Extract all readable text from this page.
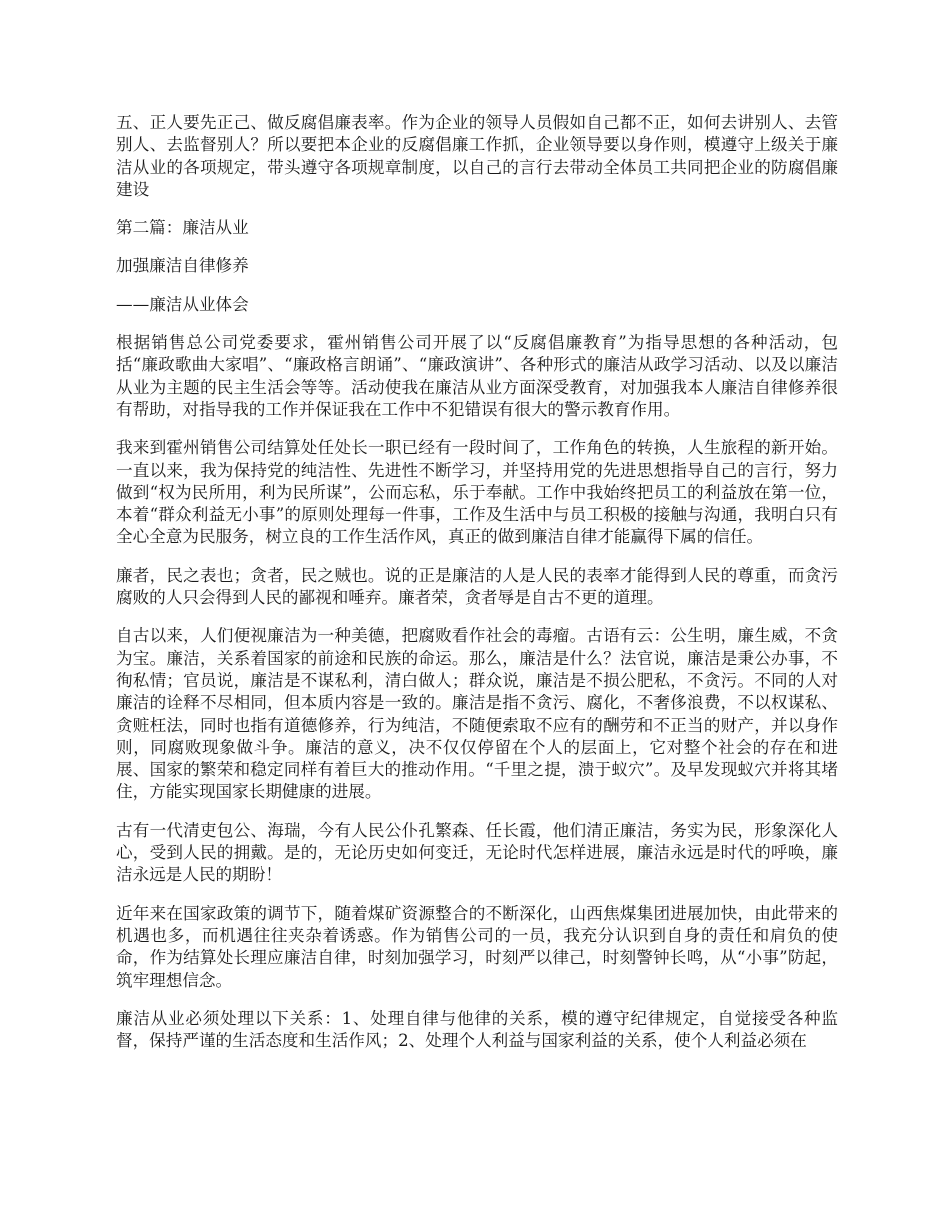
五、正人要先正己、做反腐倡廉表率。作为企业的领导人员假如自己都不正，如何去讲别人、去管别人、去监督别人？所以要把本企业的反腐倡廉工作抓，企业领导要以身作则，模遵守上级关于廉洁从业的各项规定，带头遵守各项规章制度，以自己的言行去带动全体员工共同把企业的防腐倡廉建设

第二篇：廉洁从业

加强廉洁自律修养

——廉洁从业体会

根据销售总公司党委要求，霍州销售公司开展了以“反腐倡廉教育”为指导思想的各种活动，包括“廉政歌曲大家唱”、“廉政格言朗诵”、“廉政演讲”、各种形式的廉洁从政学习活动、以及以廉洁从业为主题的民主生活会等等。活动使我在廉洁从业方面深受教育，对加强我本人廉洁自律修养很有帮助，对指导我的工作并保证我在工作中不犯错误有很大的警示教育作用。

我来到霍州销售公司结算处任处长一职已经有一段时间了，工作角色的转换，人生旅程的新开始。一直以来，我为保持党的纯洁性、先进性不断学习，并坚持用党的先进思想指导自己的言行，努力做到“权为民所用，利为民所谋”，公而忘私，乐于奉献。工作中我始终把员工的利益放在第一位，本着“群众利益无小事”的原则处理每一件事，工作及生活中与员工积极的接触与沟通，我明白只有全心全意为民服务，树立良的工作生活作风，真正的做到廉洁自律才能赢得下属的信任。

廉者，民之表也；贪者，民之贼也。说的正是廉洁的人是人民的表率才能得到人民的尊重，而贪污腐败的人只会得到人民的鄙视和唾弃。廉者荣，贪者辱是自古不更的道理。

自古以来，人们便视廉洁为一种美德，把腐败看作社会的毒瘤。古语有云：公生明，廉生威，不贪为宝。廉洁，关系着国家的前途和民族的命运。那么，廉洁是什么？法官说，廉洁是秉公办事，不徇私情；官员说，廉洁是不谋私利，清白做人；群众说，廉洁是不损公肥私，不贪污。不同的人对廉洁的诠释不尽相同，但本质内容是一致的。廉洁是指不贪污、腐化，不奢侈浪费，不以权谋私、贪赃枉法，同时也指有道德修养，行为纯洁，不随便索取不应有的酬劳和不正当的财产，并以身作则，同腐败现象做斗争。廉洁的意义，决不仅仅停留在个人的层面上，它对整个社会的存在和进展、国家的繁荣和稳定同样有着巨大的推动作用。“千里之提，溃于蚁穴”。及早发现蚁穴并将其堵住，方能实现国家长期健康的进展。

古有一代清吏包公、海瑞，今有人民公仆孔繁森、任长霞，他们清正廉洁，务实为民，形象深化人心，受到人民的拥戴。是的，无论历史如何变迁，无论时代怎样进展，廉洁永远是时代的呼唤，廉洁永远是人民的期盼！

近年来在国家政策的调节下，随着煤矿资源整合的不断深化，山西焦煤集团进展加快，由此带来的机遇也多，而机遇往往夹杂着诱惑。作为销售公司的一员，我充分认识到自身的责任和肩负的使命，作为结算处长理应廉洁自律，时刻加强学习，时刻严以律己，时刻警钟长鸣，从“小事”防起，筑牢理想信念。

廉洁从业必须处理以下关系：1、处理自律与他律的关系，模的遵守纪律规定，自觉接受各种监督，保持严谨的生活态度和生活作风；2、处理个人利益与国家利益的关系，使个人利益必须在
